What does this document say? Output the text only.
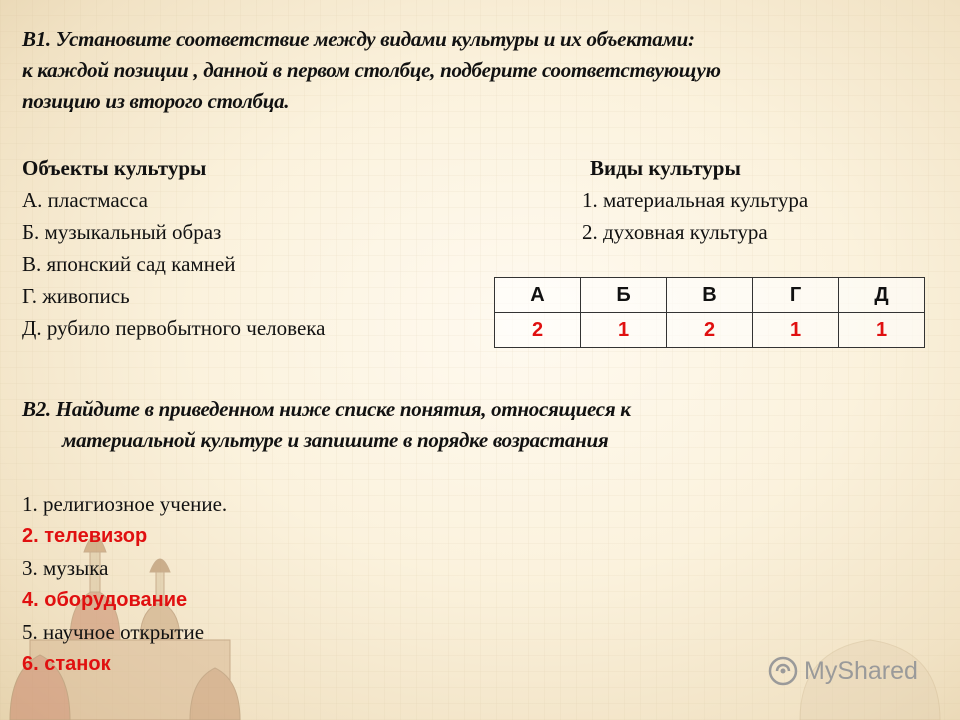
В1. Установите соответствие между видами культуры и их объектами:
к каждой позиции , данной в первом столбце, подберите соответствующую
позицию из второго столбца.

Объекты культуры
А. пластмасса
Б. музыкальный образ
В. японский сад камней
Г. живопись
Д. рубило первобытного человека
Виды культуры
1. материальная культура
2. духовная культура
А	Б	В	Г	Д
2	1	2	1	1

В2. Найдите в приведенном ниже списке понятия, относящиеся к
материальной культуре и запишите в порядке возрастания

1. религиозное учение.
2. телевизор
3. музыка
4. оборудование
5. научное открытие
6. станок	MyShared
